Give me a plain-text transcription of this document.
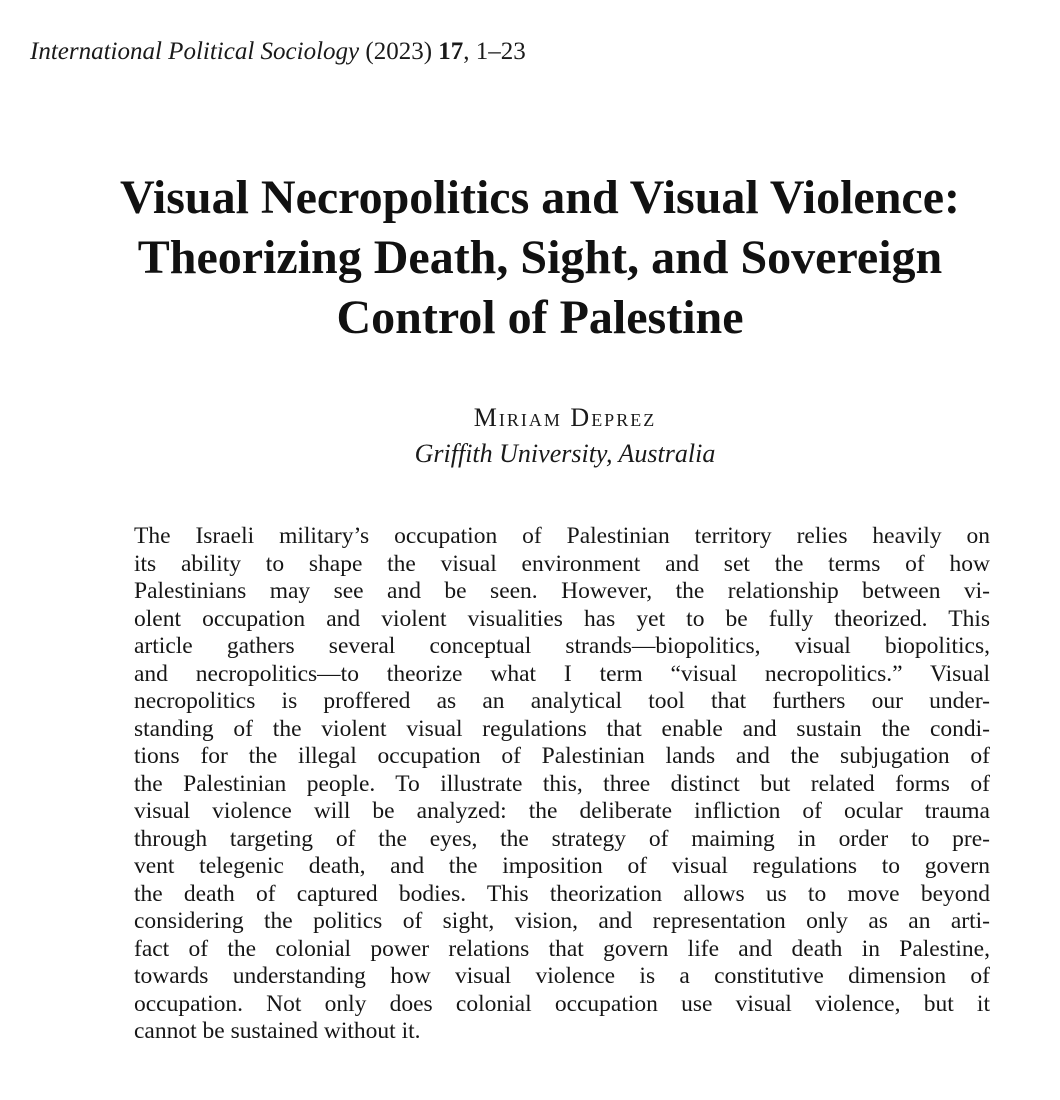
International Political Sociology (2023) 17, 1–23
Visual Necropolitics and Visual Violence:
Theorizing Death, Sight, and Sovereign
Control of Palestine
Miriam Deprez
Griffith University, Australia
The Israeli military’s occupation of Palestinian territory relies heavily on
its ability to shape the visual environment and set the terms of how
Palestinians may see and be seen. However, the relationship between vi-
olent occupation and violent visualities has yet to be fully theorized. This
article gathers several conceptual strands—biopolitics, visual biopolitics,
and necropolitics—to theorize what I term “visual necropolitics.” Visual
necropolitics is proffered as an analytical tool that furthers our under-
standing of the violent visual regulations that enable and sustain the condi-
tions for the illegal occupation of Palestinian lands and the subjugation of
the Palestinian people. To illustrate this, three distinct but related forms of
visual violence will be analyzed: the deliberate infliction of ocular trauma
through targeting of the eyes, the strategy of maiming in order to pre-
vent telegenic death, and the imposition of visual regulations to govern
the death of captured bodies. This theorization allows us to move beyond
considering the politics of sight, vision, and representation only as an arti-
fact of the colonial power relations that govern life and death in Palestine,
towards understanding how visual violence is a constitutive dimension of
occupation. Not only does colonial occupation use visual violence, but it
cannot be sustained without it.
